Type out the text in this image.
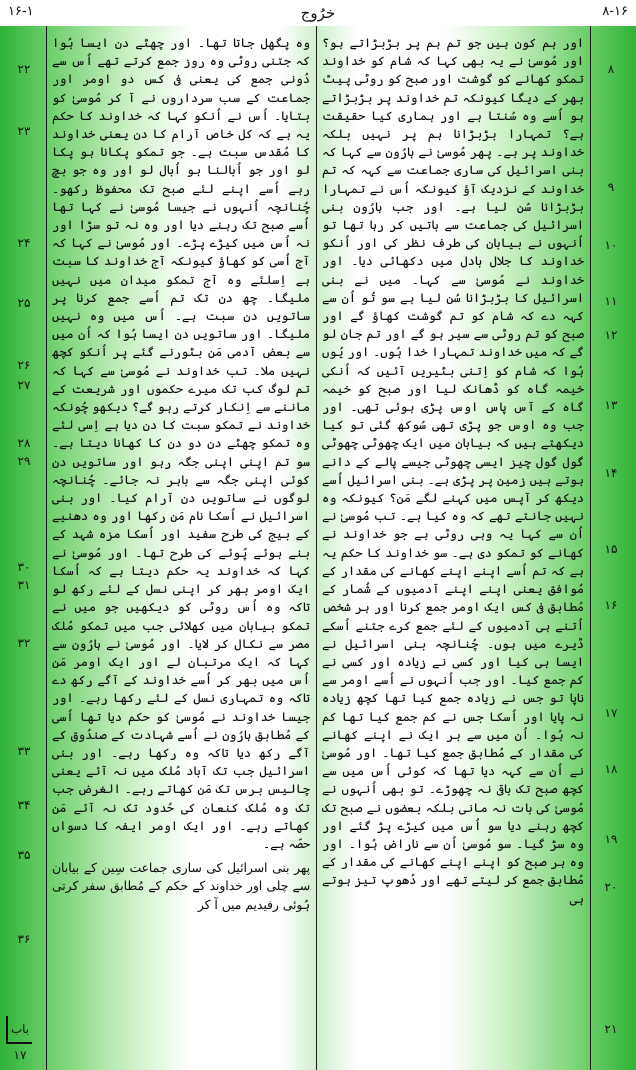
۱۶-۱	خرُوج	۸-۱۶

اور ہم کون ہیں جو تم ہم پر بڑبڑاتے ہو؟ اور مُوسیٰ نے یہ بھی کہا کہ شام کو خداوند تمکو کھانے کو گوشت اور صبح کو روٹی پیٹ بھر کے دیگا کیونکہ تم خداوند پر بڑبڑاتے ہو اُسے وہ سُنتا ہے اور ہماری کیا حقیقت ہے؟ تمہارا بڑبڑانا ہم پر نہیں بلکہ خداوند پر ہے۔ پھر مُوسیٰ نے ہارُون سے کہا کہ بنی اسرائیل کی ساری جماعت سے کہہ کہ تم خداوند کے نزدیک آؤ کیونکہ اُس نے تمہارا بڑبڑانا سُن لیا ہے۔ اور جب ہارُون بنی اسرائیل کی جماعت سے باتیں کر رہا تھا تو اُنہوں نے بیابان کی طرف نظر کی اور اُنکو خداوند کا جلال بادل میں دکھائی دیا۔ اور خداوند نے مُوسیٰ سے کہا۔ میں نے بنی اسرائیل کا بڑبڑانا سُن لیا ہے سو تُو اُن سے کہہ دے کہ شام کو تم گوشت کھاؤ گے اور صبح کو تم روٹی سے سیر ہو گے اور تم جان لو گے کہ میں خداوند تمہارا خدا ہُوں۔ اور یُوں ہُوا کہ شام کو اِتنی بٹیریں آئیں کہ اُنکی خیمہ گاہ کو ڈھانک لیا اور صبح کو خیمہ گاہ کے آس پاس اوس پڑی ہوئی تھی۔ اور جب وہ اوس جو پڑی تھی سُوکھ گئی تو کیا دیکھتے ہیں کہ بیابان میں ایک چھوٹی چھوٹی گول گول چیز ایسی چھوٹی جیسے پالے کے دانے ہوتے ہیں زمین پر پڑی ہے۔ بنی اسرائیل اُسے دیکھ کر آپس میں کہنے لگے مَن؟ کیونکہ وہ نہیں جانتے تھے کہ وہ کیا ہے۔ تب مُوسیٰ نے اُن سے کہا یہ وہی روٹی ہے جو خداوند نے کھانے کو تمکو دی ہے۔ سو خداوند کا حکم یہ ہے کہ تم اُسے اپنے اپنے کھانے کی مقدار کے مُوافق یعنی اپنے اپنے آدمیوں کے شُمار کے مُطابق فی کس ایک اومر جمع کرنا اور ہر شخص اُتنے ہی آدمیوں کے لئے جمع کرے جتنے اُسکے ڈیرے میں ہوں۔ چُنانچہ بنی اسرائیل نے ایسا ہی کیا اور کسی نے زیادہ اور کسی نے کم جمع کیا۔ اور جب اُنہوں نے اُسے اومر سے ناپا تو جس نے زیادہ جمع کیا تھا کچھ زیادہ نہ پایا اور اُسکا جس نے کم جمع کیا تھا کم نہ ہُوا۔ اُن میں سے ہر ایک نے اپنے کھانے کی مقدار کے مُطابق جمع کیا تھا۔ اور مُوسیٰ نے اُن سے کہہ دیا تھا کہ کوئی اُس میں سے کچھ صبح تک باقی نہ چھوڑے۔ تو بھی اُنہوں نے مُوسیٰ کی بات نہ مانی بلکہ بعضوں نے صبح تک کچھ رہنے دیا سو اُس میں کیڑے پڑ گئے اور وہ سڑ گیا۔ سو مُوسیٰ اُن سے ناراض ہُوا۔ اور وہ ہر صبح کو اپنے اپنے کھانے کی مقدار کے مُطابق جمع کر لیتے تھے اور دُھوپ تیز ہوتے ہی

وہ پگھل جاتا تھا۔ اور چھٹے دن ایسا ہُوا کہ جتنی روٹی وہ روز جمع کرتے تھے اُس سے دُونی جمع کی یعنی فی کس دو اومر اور جماعت کے سب سرداروں نے آ کر مُوسیٰ کو بتایا۔ اُس نے اُنکو کہا کہ خداوند کا حکم یہ ہے کہ کل خاص آرام کا دن یعنی خداوند کا مُقدس سبت ہے۔ جو تمکو پکانا ہو پکا لو اور جو اُبالنا ہو اُبال لو اور وہ جو بچ رہے اُسے اپنے لئے صبح تک محفوظ رکھو۔ چُنانچہ اُنہوں نے جیسا مُوسیٰ نے کہا تھا اُسے صبح تک رہنے دیا اور وہ نہ تو سڑا اور نہ اُس میں کیڑے پڑے۔ اور مُوسیٰ نے کہا کہ آج اُسی کو کھاؤ کیونکہ آج خداوند کا سبت ہے اِسلئے وہ آج تمکو میدان میں نہیں ملیگا۔ چھ دن تک تم اُسے جمع کرنا پر ساتویں دن سبت ہے۔ اُس میں وہ نہیں ملیگا۔ اور ساتویں دن ایسا ہُوا کہ اُن میں سے بعض آدمی مَن بٹورنے گئے پر اُنکو کچھ نہیں ملا۔ تب خداوند نے مُوسیٰ سے کہا کہ تم لوگ کب تک میرے حکموں اور شریعت کے ماننے سے اِنکار کرتے رہو گے؟ دیکھو چُونکہ خداوند نے تمکو سبت کا دن دیا ہے اِسی لئے وہ تمکو چھٹے دن دو دن کا کھانا دیتا ہے۔ سو تم اپنی اپنی جگہ رہو اور ساتویں دن کوئی اپنی جگہ سے باہر نہ جائے۔ چُنانچہ لوگوں نے ساتویں دن آرام کیا۔ اور بنی اسرائیل نے اُسکا نام مَن رکھا اور وہ دھنیے کے بیج کی طرح سفید اور اُسکا مزہ شہد کے بنے ہوئے پُوئے کی طرح تھا۔ اور مُوسیٰ نے کہا کہ خداوند یہ حکم دیتا ہے کہ اُسکا ایک اومر بھر کر اپنی نسل کے لئے رکھ لو تاکہ وہ اُس روٹی کو دیکھیں جو میں نے تمکو بیابان میں کھلائی جب میں تمکو مُلک مصر سے نکال کر لایا۔ اور مُوسیٰ نے ہارُون سے کہا کہ ایک مرتبان لے اور ایک اومر مَن اُس میں بھر کر اُسے خداوند کے آگے رکھ دے تاکہ وہ تمہاری نسل کے لئے رکھا رہے۔ اور جیسا خداوند نے مُوسیٰ کو حکم دیا تھا اُسی کے مُطابق ہارُون نے اُسے شہادت کے صندُوق کے آگے رکھ دیا تاکہ وہ رکھا رہے۔ اور بنی اسرائیل جب تک آباد مُلک میں نہ آئے یعنی چالیس برس تک مَن کھاتے رہے۔ الغرض جب تک وہ مُلک کنعان کی حُدود تک نہ آئے مَن کھاتے رہے۔ اور ایک اومر ایفہ کا دسواں حصّہ ہے۔

پھر بنی اسرائیل کی ساری جماعت سِین کے بیابان سے چلی اور خداوند کے حکم کے مُطابق سفر کرتی ہُوئی رفیدیم میں آ کر

۸
۹
۱۰
۱۱
۱۲
۱۳
۱۴
۱۵
۱۶
۱۷
۱۸
۱۹
۲۰
۲۱
۲۲
۲۳
۲۴
۲۵
۲۶
۲۷
۲۸
۲۹
۳۰
۳۱
۳۲
۳۳
۳۴
۳۵
۳۶
باب ۱۷
